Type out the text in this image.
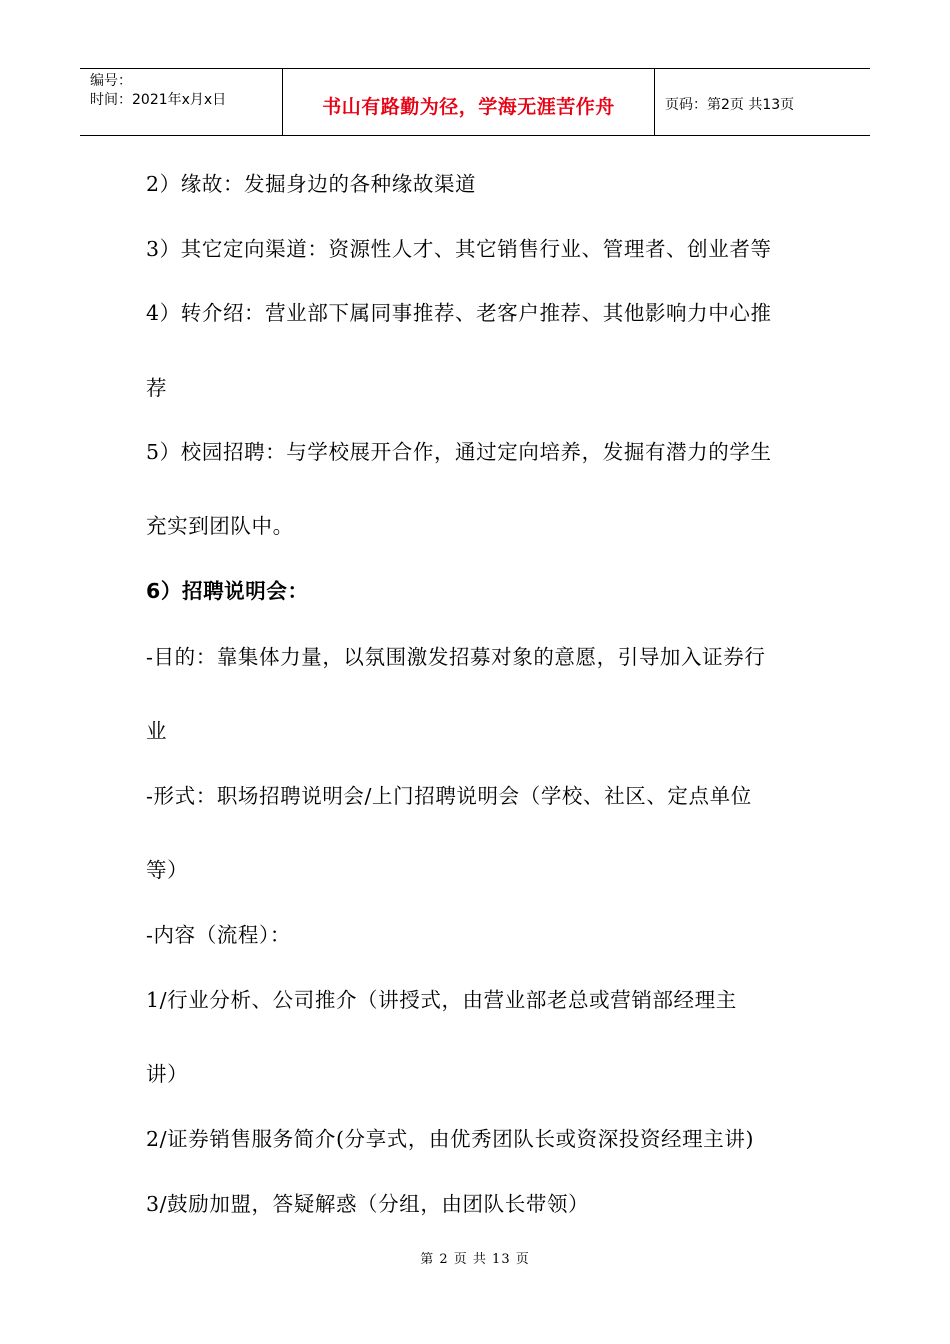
编号：
时间：2021年x月x日	书山有路勤为径，学海无涯苦作舟	页码：第2页 共13页
2）缘故：发掘身边的各种缘故渠道
3）其它定向渠道：资源性人才、其它销售行业、管理者、创业者等
4）转介绍：营业部下属同事推荐、老客户推荐、其他影响力中心推
荐
5）校园招聘：与学校展开合作，通过定向培养，发掘有潜力的学生
充实到团队中。
6）招聘说明会：
-目的：靠集体力量，以氛围激发招募对象的意愿，引导加入证券行
业
-形式：职场招聘说明会/上门招聘说明会（学校、社区、定点单位
等）
-内容（流程）：
1/行业分析、公司推介（讲授式，由营业部老总或营销部经理主
讲）
2/证券销售服务简介(分享式，由优秀团队长或资深投资经理主讲)
3/鼓励加盟，答疑解惑（分组，由团队长带领）
第 2 页 共 13 页
